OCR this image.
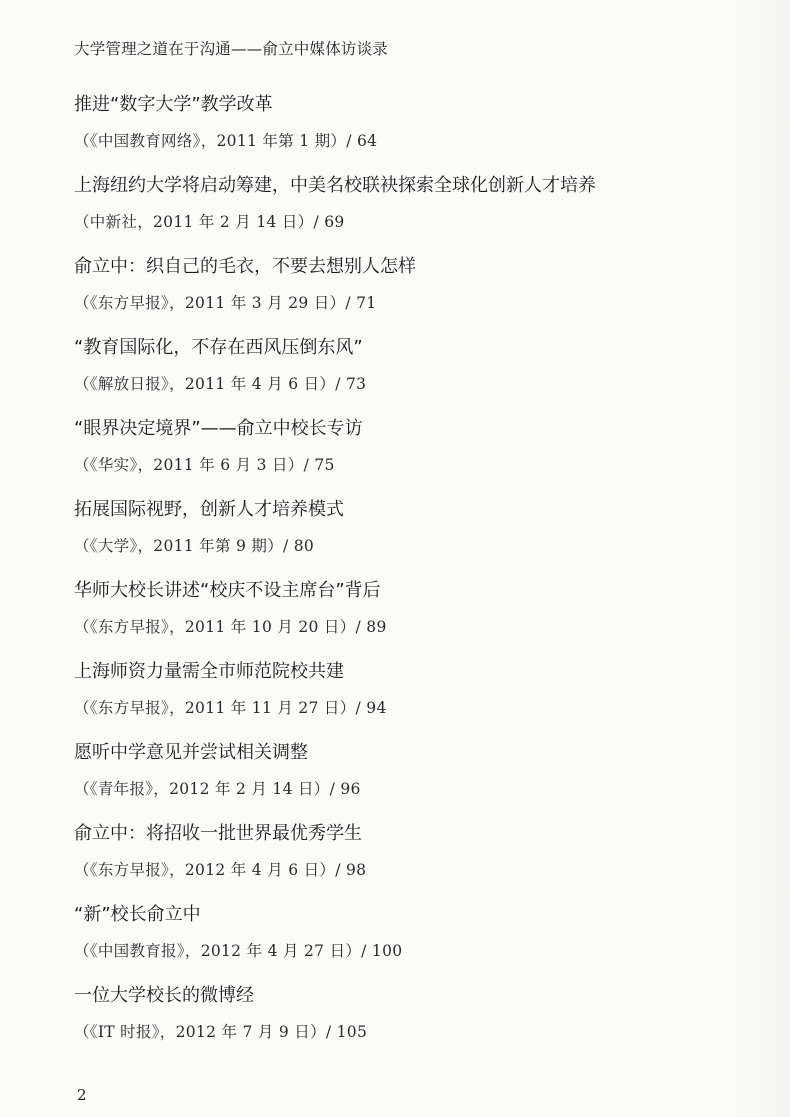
大学管理之道在于沟通——俞立中媒体访谈录
推进“数字大学”教学改革
（《中国教育网络》，2011 年第 1 期）/ 64
上海纽约大学将启动筹建，中美名校联袂探索全球化创新人才培养
（中新社，2011 年 2 月 14 日）/ 69
俞立中：织自己的毛衣，不要去想别人怎样
（《东方早报》，2011 年 3 月 29 日）/ 71
“教育国际化，不存在西风压倒东风”
（《解放日报》，2011 年 4 月 6 日）/ 73
“眼界决定境界”——俞立中校长专访
（《华实》，2011 年 6 月 3 日）/ 75
拓展国际视野，创新人才培养模式
（《大学》，2011 年第 9 期）/ 80
华师大校长讲述“校庆不设主席台”背后
（《东方早报》，2011 年 10 月 20 日）/ 89
上海师资力量需全市师范院校共建
（《东方早报》，2011 年 11 月 27 日）/ 94
愿听中学意见并尝试相关调整
（《青年报》，2012 年 2 月 14 日）/ 96
俞立中：将招收一批世界最优秀学生
（《东方早报》，2012 年 4 月 6 日）/ 98
“新”校长俞立中
（《中国教育报》，2012 年 4 月 27 日）/ 100
一位大学校长的微博经
（《IT 时报》，2012 年 7 月 9 日）/ 105
2
